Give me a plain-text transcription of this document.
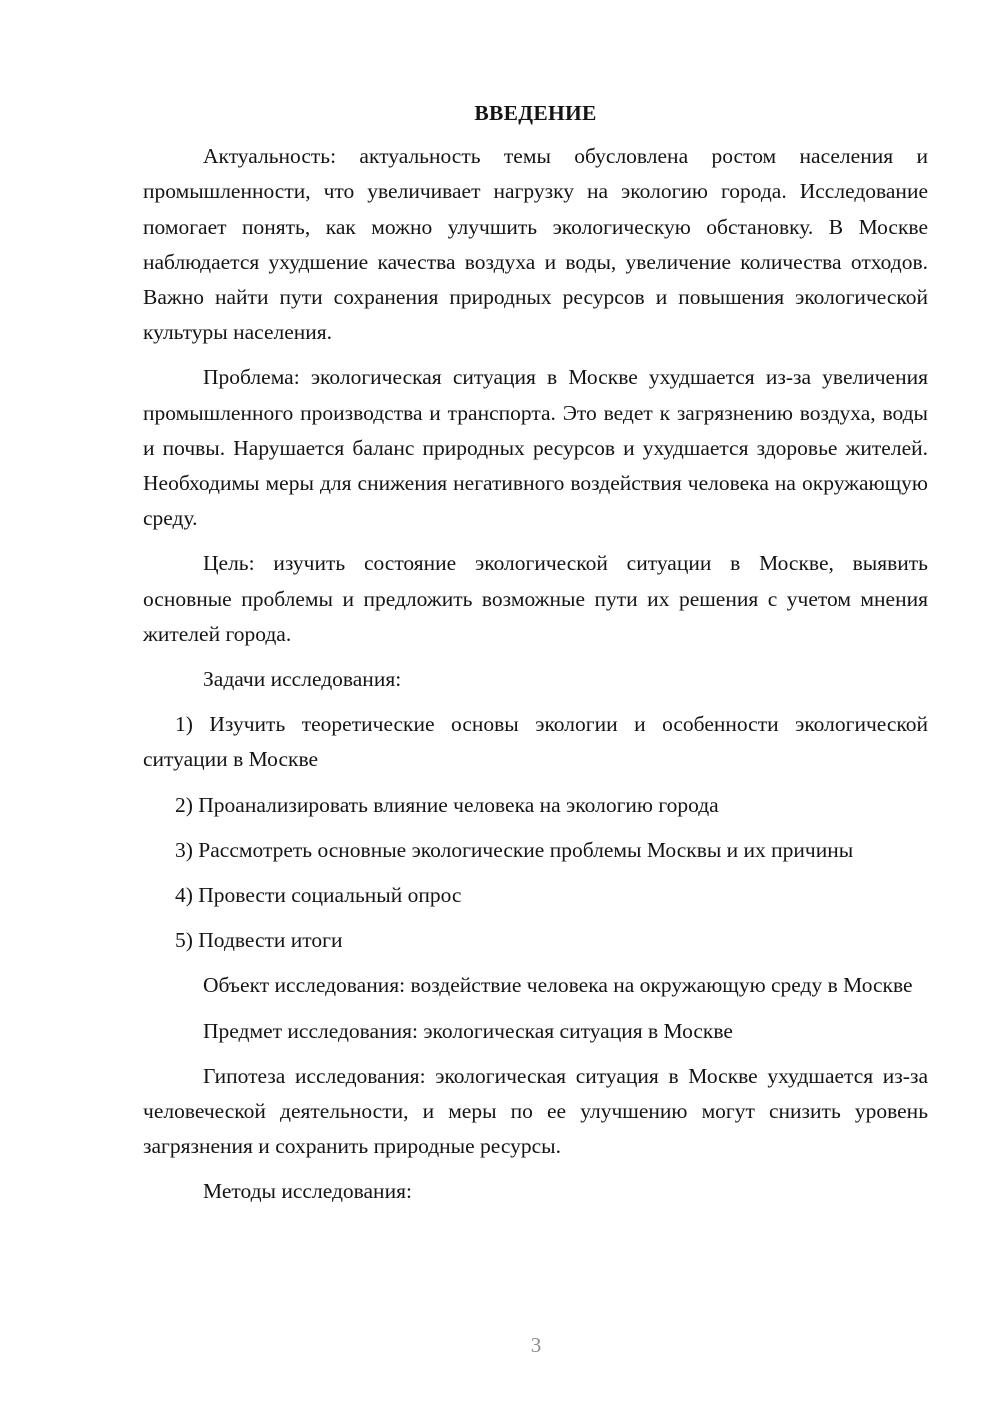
ВВЕДЕНИЕ
Актуальность: актуальность темы обусловлена ростом населения и промышленности, что увеличивает нагрузку на экологию города. Исследование помогает понять, как можно улучшить экологическую обстановку. В Москве наблюдается ухудшение качества воздуха и воды, увеличение количества отходов. Важно найти пути сохранения природных ресурсов и повышения экологической культуры населения.
Проблема: экологическая ситуация в Москве ухудшается из-за увеличения промышленного производства и транспорта. Это ведет к загрязнению воздуха, воды и почвы. Нарушается баланс природных ресурсов и ухудшается здоровье жителей. Необходимы меры для снижения негативного воздействия человека на окружающую среду.
Цель: изучить состояние экологической ситуации в Москве, выявить основные проблемы и предложить возможные пути их решения с учетом мнения жителей города.
Задачи исследования:
1) Изучить теоретические основы экологии и особенности экологической ситуации в Москве
2) Проанализировать влияние человека на экологию города
3) Рассмотреть основные экологические проблемы Москвы и их причины
4) Провести социальный опрос
5) Подвести итоги
Объект исследования: воздействие человека на окружающую среду в Москве
Предмет исследования: экологическая ситуация в Москве
Гипотеза исследования: экологическая ситуация в Москве ухудшается из-за человеческой деятельности, и меры по ее улучшению могут снизить уровень загрязнения и сохранить природные ресурсы.
Методы исследования:
3
